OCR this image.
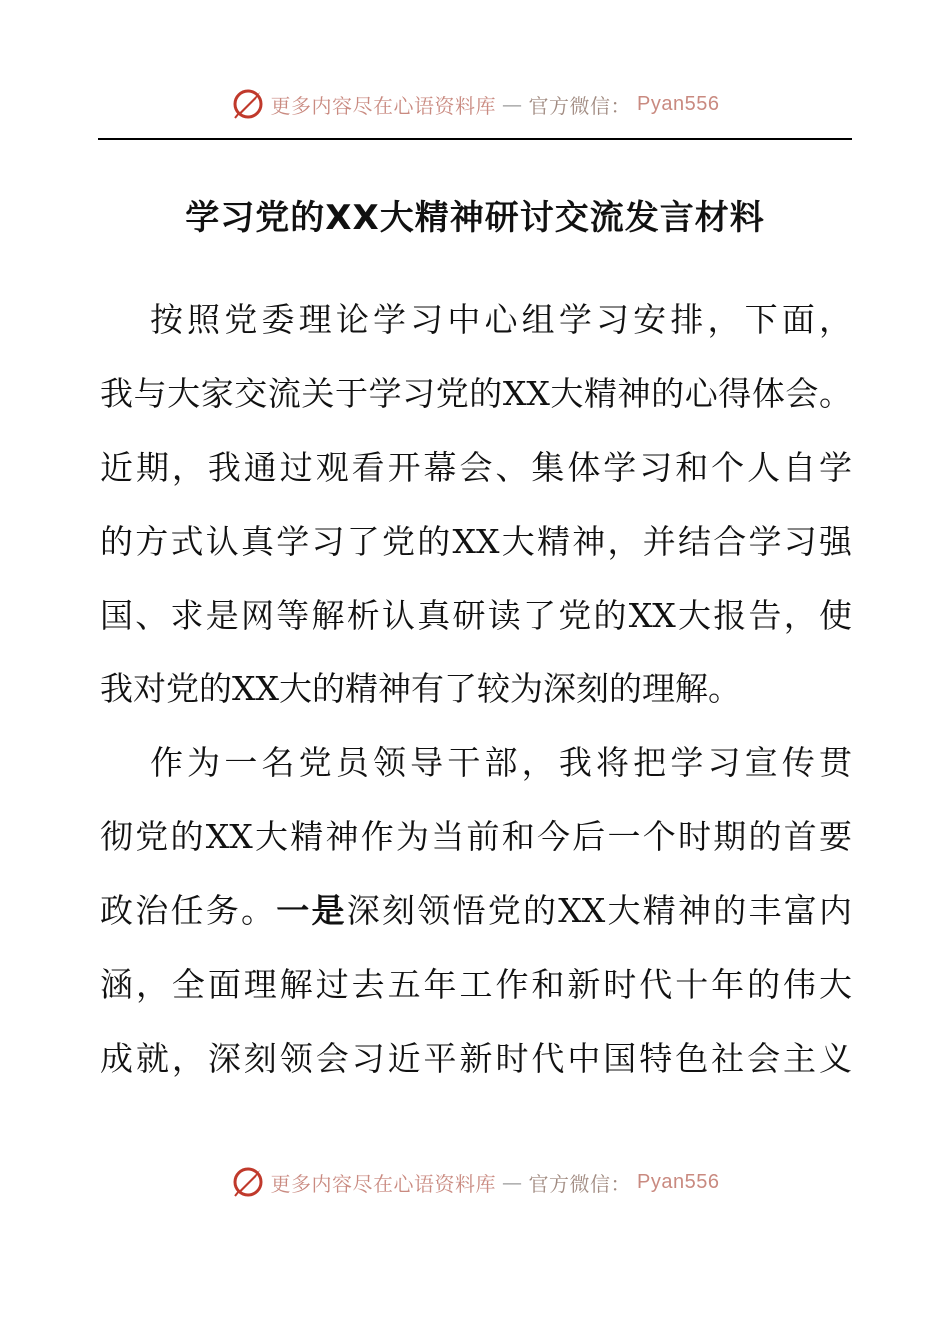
更多内容尽在心语资料库 — 官方微信： Pyan556
学习党的XX大精神研讨交流发言材料
按照党委理论学习中心组学习安排，下面，
我与大家交流关于学习党的XX大精神的心得体会。
近期，我通过观看开幕会、集体学习和个人自学
的方式认真学习了党的XX大精神，并结合学习强
国、求是网等解析认真研读了党的XX大报告，使
我对党的XX大的精神有了较为深刻的理解。
作为一名党员领导干部，我将把学习宣传贯
彻党的XX大精神作为当前和今后一个时期的首要
政治任务。一是深刻领悟党的XX大精神的丰富内
涵，全面理解过去五年工作和新时代十年的伟大
成就，深刻领会习近平新时代中国特色社会主义
更多内容尽在心语资料库 — 官方微信： Pyan556
